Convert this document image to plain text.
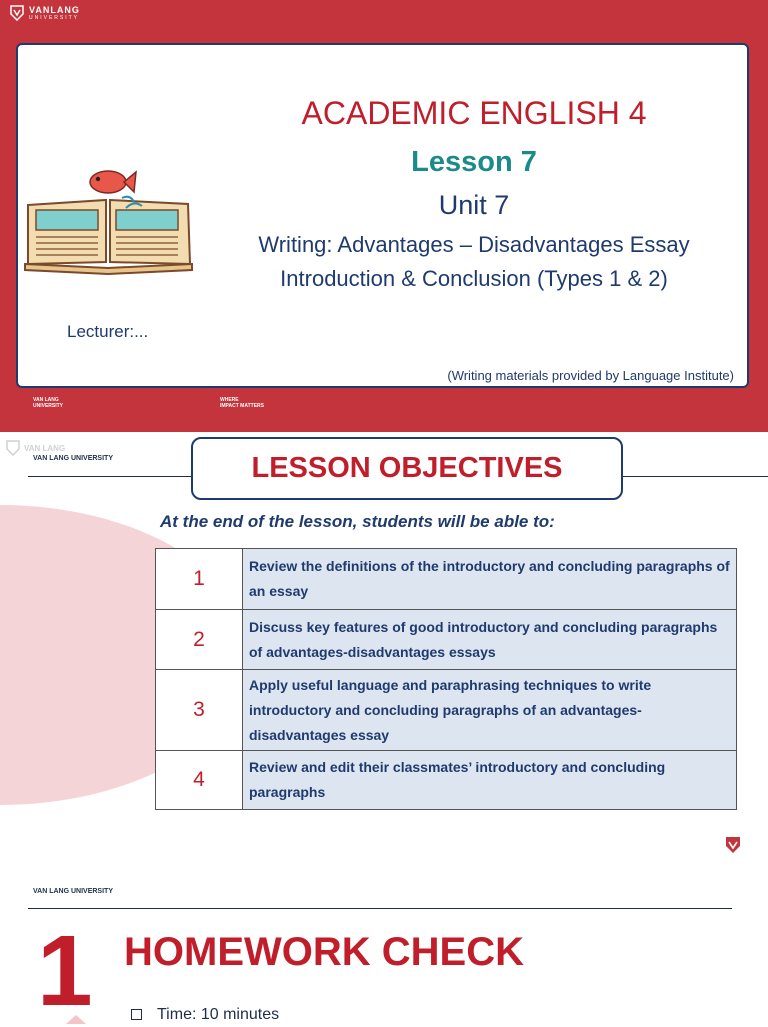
VANLANG
UNIVERSITY
ACADEMIC ENGLISH 4
Lesson 7
Unit 7
Writing: Advantages – Disadvantages Essay
Introduction & Conclusion (Types 1 & 2)
Lecturer:...
(Writing materials provided by Language Institute)
VAN LANG
UNIVERSITY
WHERE
IMPACT MATTERS
VAN LANG
VAN LANG UNIVERSITY	LESSON OBJECTIVES
At the end of the lesson, students will be able to:
1	Review the definitions of the introductory and concluding paragraphs of an essay
2	Discuss key features of good introductory and concluding paragraphs of advantages-disadvantages essays
3	Apply useful language and paraphrasing techniques to write introductory and concluding paragraphs of an advantages-disadvantages essay
4	Review and edit their classmates’ introductory and concluding paragraphs
VAN LANG UNIVERSITY
1 HOMEWORK CHECK
Time: 10 minutes
